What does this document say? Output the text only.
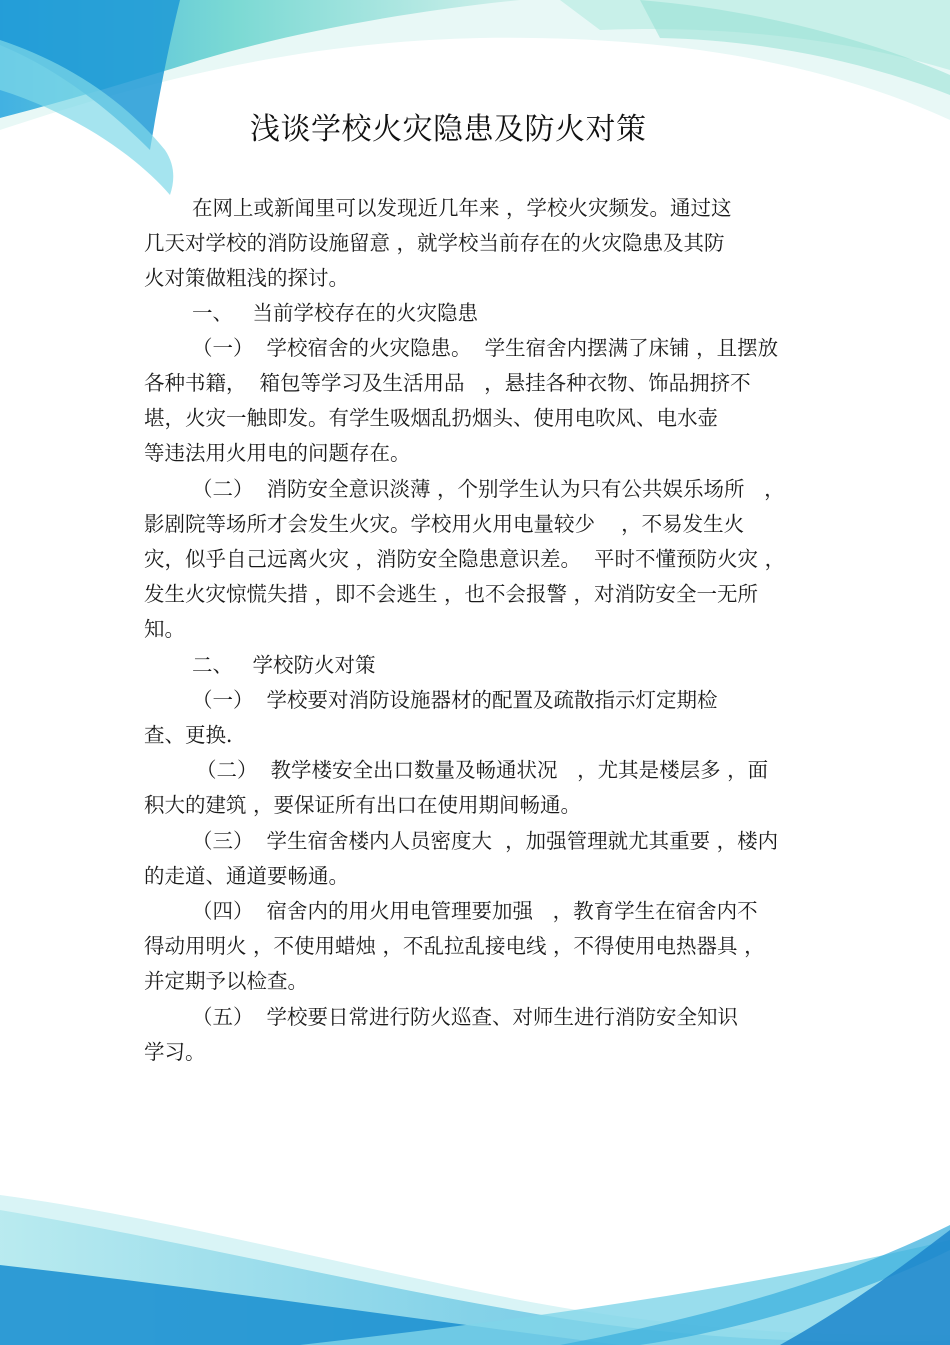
浅谈学校火灾隐患及防火对策
在网上或新闻里可以发现近几年来 ，学校火灾频发。通过这
几天对学校的消防设施留意 ，就学校当前存在的火灾隐患及其防
火对策做粗浅的探讨。
一、   当前学校存在的火灾隐患
（一）  学校宿舍的火灾隐患。  学生宿舍内摆满了床铺 ，且摆放
各种书籍，  箱包等学习及生活用品   ，悬挂各种衣物、饰品拥挤不
堪，火灾一触即发。有学生吸烟乱扔烟头、使用电吹风、电水壶
等违法用火用电的问题存在。
（二）  消防安全意识淡薄 ，个别学生认为只有公共娱乐场所   ，
影剧院等场所才会发生火灾。学校用火用电量较少    ，不易发生火
灾，似乎自己远离火灾 ，消防安全隐患意识差。  平时不懂预防火灾 ，
发生火灾惊慌失措 ，即不会逃生 ，也不会报警 ，对消防安全一无所
知。
二、   学校防火对策
（一）  学校要对消防设施器材的配置及疏散指示灯定期检
查、更换．
（二）  教学楼安全出口数量及畅通状况   ，尤其是楼层多 ，面
积大的建筑 ，要保证所有出口在使用期间畅通。
（三）  学生宿舍楼内人员密度大  ，加强管理就尤其重要 ，楼内
的走道、通道要畅通。
（四）  宿舍内的用火用电管理要加强   ，教育学生在宿舍内不
得动用明火 ，不使用蜡烛 ，不乱拉乱接电线 ，不得使用电热器具 ，
并定期予以检查。
（五）  学校要日常进行防火巡查、对师生进行消防安全知识
学习。
